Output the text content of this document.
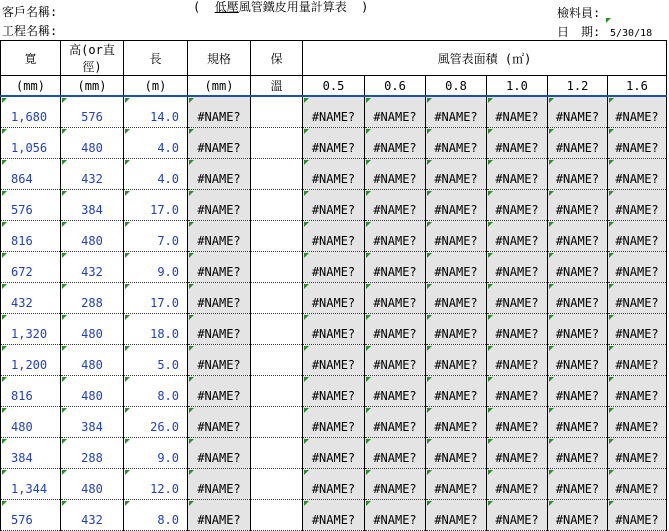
客戶名稱:
工程名稱:
( 低壓風管鐵皮用量計算表 )	檢料員:
日　期: 5/30/18
寬	高(or直徑)	長	規格	保	風管表面積 (㎡)					
(mm)	(mm)	(m)	(mm)	溫	0.5	0.6	0.8	1.0	1.2	1.6
1,680	576	14.0	#NAME?		#NAME?	#NAME?	#NAME?	#NAME?	#NAME?	#NAME?
1,056	480	4.0	#NAME?		#NAME?	#NAME?	#NAME?	#NAME?	#NAME?	#NAME?
864	432	4.0	#NAME?		#NAME?	#NAME?	#NAME?	#NAME?	#NAME?	#NAME?
576	384	17.0	#NAME?		#NAME?	#NAME?	#NAME?	#NAME?	#NAME?	#NAME?
816	480	7.0	#NAME?		#NAME?	#NAME?	#NAME?	#NAME?	#NAME?	#NAME?
672	432	9.0	#NAME?		#NAME?	#NAME?	#NAME?	#NAME?	#NAME?	#NAME?
432	288	17.0	#NAME?		#NAME?	#NAME?	#NAME?	#NAME?	#NAME?	#NAME?
1,320	480	18.0	#NAME?		#NAME?	#NAME?	#NAME?	#NAME?	#NAME?	#NAME?
1,200	480	5.0	#NAME?		#NAME?	#NAME?	#NAME?	#NAME?	#NAME?	#NAME?
816	480	8.0	#NAME?		#NAME?	#NAME?	#NAME?	#NAME?	#NAME?	#NAME?
480	384	26.0	#NAME?		#NAME?	#NAME?	#NAME?	#NAME?	#NAME?	#NAME?
384	288	9.0	#NAME?		#NAME?	#NAME?	#NAME?	#NAME?	#NAME?	#NAME?
1,344	480	12.0	#NAME?		#NAME?	#NAME?	#NAME?	#NAME?	#NAME?	#NAME?
576	432	8.0	#NAME?		#NAME?	#NAME?	#NAME?	#NAME?	#NAME?	#NAME?
